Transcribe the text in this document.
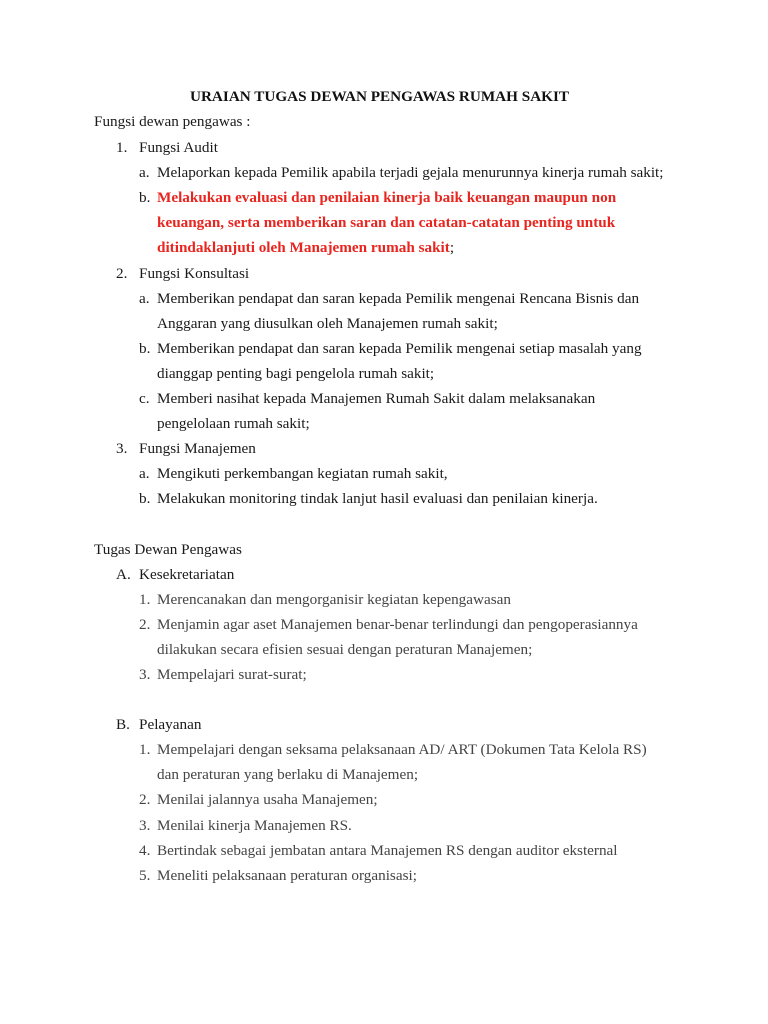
URAIAN TUGAS DEWAN PENGAWAS RUMAH SAKIT
Fungsi dewan pengawas :
1. Fungsi Audit
a. Melaporkan kepada Pemilik apabila terjadi gejala menurunnya kinerja rumah sakit;
b. Melakukan evaluasi dan penilaian kinerja baik keuangan maupun non
keuangan, serta memberikan saran dan catatan-catatan penting untuk
ditindaklanjuti oleh Manajemen rumah sakit;
2. Fungsi Konsultasi
a. Memberikan pendapat dan saran kepada Pemilik mengenai Rencana Bisnis dan
Anggaran yang diusulkan oleh Manajemen rumah sakit;
b. Memberikan pendapat dan saran kepada Pemilik mengenai setiap masalah yang
dianggap penting bagi pengelola rumah sakit;
c. Memberi nasihat kepada Manajemen Rumah Sakit dalam melaksanakan
pengelolaan rumah sakit;
3. Fungsi Manajemen
a. Mengikuti perkembangan kegiatan rumah sakit,
b. Melakukan monitoring tindak lanjut hasil evaluasi dan penilaian kinerja.
Tugas Dewan Pengawas
A. Kesekretariatan
1. Merencanakan dan mengorganisir kegiatan kepengawasan
2. Menjamin agar aset Manajemen benar-benar terlindungi dan pengoperasiannya
dilakukan secara efisien sesuai dengan peraturan Manajemen;
3. Mempelajari surat-surat;
B. Pelayanan
1. Mempelajari dengan seksama pelaksanaan AD/ ART (Dokumen Tata Kelola RS)
dan peraturan yang berlaku di Manajemen;
2. Menilai jalannya usaha Manajemen;
3. Menilai kinerja Manajemen RS.
4. Bertindak sebagai jembatan antara Manajemen RS dengan auditor eksternal
5. Meneliti pelaksanaan peraturan organisasi;
